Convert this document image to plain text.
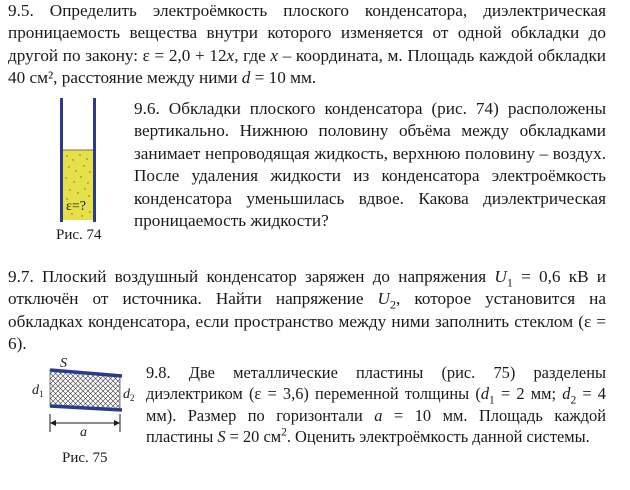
9.5. Определить электроёмкость плоского конденсатора, диэлектрическая проницаемость вещества внутри которого изменяется от одной обкладки до другой по закону: ε = 2,0 + 12x, где x – координата, м. Площадь каждой обкладки 40 см², расстояние между ними d = 10 мм.

ε=?
Рис. 74

9.6. Обкладки плоского конденсатора (рис. 74) расположены вертикально. Нижнюю половину объёма между обкладками занимает непроводящая жидкость, верхнюю половину – воздух. После удаления жидкости из конденсатора электроёмкость конденсатора уменьшилась вдвое. Какова диэлектрическая проницаемость жидкости?

9.7. Плоский воздушный конденсатор заряжен до напряжения $U_1 = 0,6$ кВ и отключён от источника. Найти напряжение $U_2$, которое установится на обкладках конденсатора, если пространство между ними заполнить стеклом (ε = 6).

S
$d_1$	$d_2$
a
Рис. 75

9.8. Две металлические пластины (рис. 75) разделены диэлектриком (ε = 3,6) переменной толщины ($d_1 = 2$ мм; $d_2 = 4$ мм). Размер по горизонтали a = 10 мм. Площадь каждой пластины S = 20 $см^2$. Оценить электроёмкость данной системы.
